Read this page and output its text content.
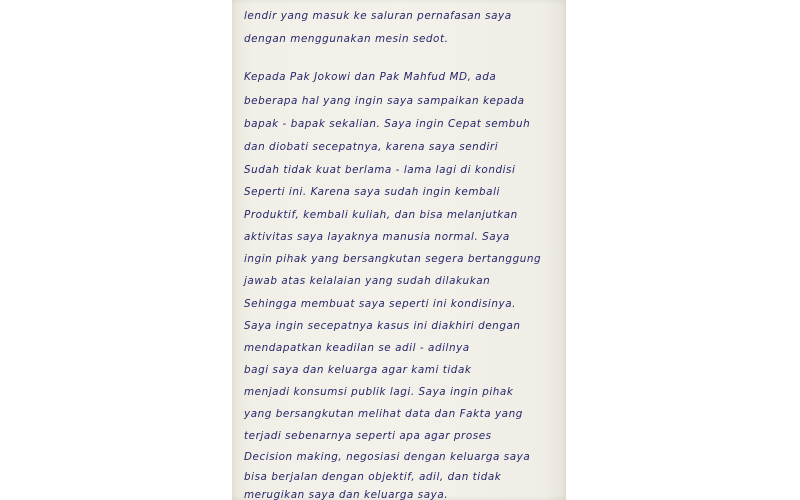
lendir yang masuk ke saluran pernafasan saya
dengan menggunakan mesin sedot.
Kepada Pak Jokowi dan Pak Mahfud MD, ada
beberapa hal yang ingin saya sampaikan kepada
bapak - bapak sekalian. Saya ingin Cepat sembuh
dan diobati secepatnya, karena saya sendiri
Sudah tidak kuat berlama - lama lagi di kondisi
Seperti ini. Karena saya sudah ingin kembali
Produktif, kembali kuliah, dan bisa melanjutkan
aktivitas saya layaknya manusia normal. Saya
ingin pihak yang bersangkutan segera bertanggung
jawab atas kelalaian yang sudah dilakukan
Sehingga membuat saya seperti ini kondisinya.
Saya ingin secepatnya kasus ini diakhiri dengan
mendapatkan keadilan se adil - adilnya
bagi saya dan keluarga agar kami tidak
menjadi konsumsi publik lagi. Saya ingin pihak
yang bersangkutan melihat data dan Fakta yang
terjadi sebenarnya seperti apa agar proses
Decision making, negosiasi dengan keluarga saya
bisa berjalan dengan objektif, adil, dan tidak
merugikan saya dan keluarga saya.
